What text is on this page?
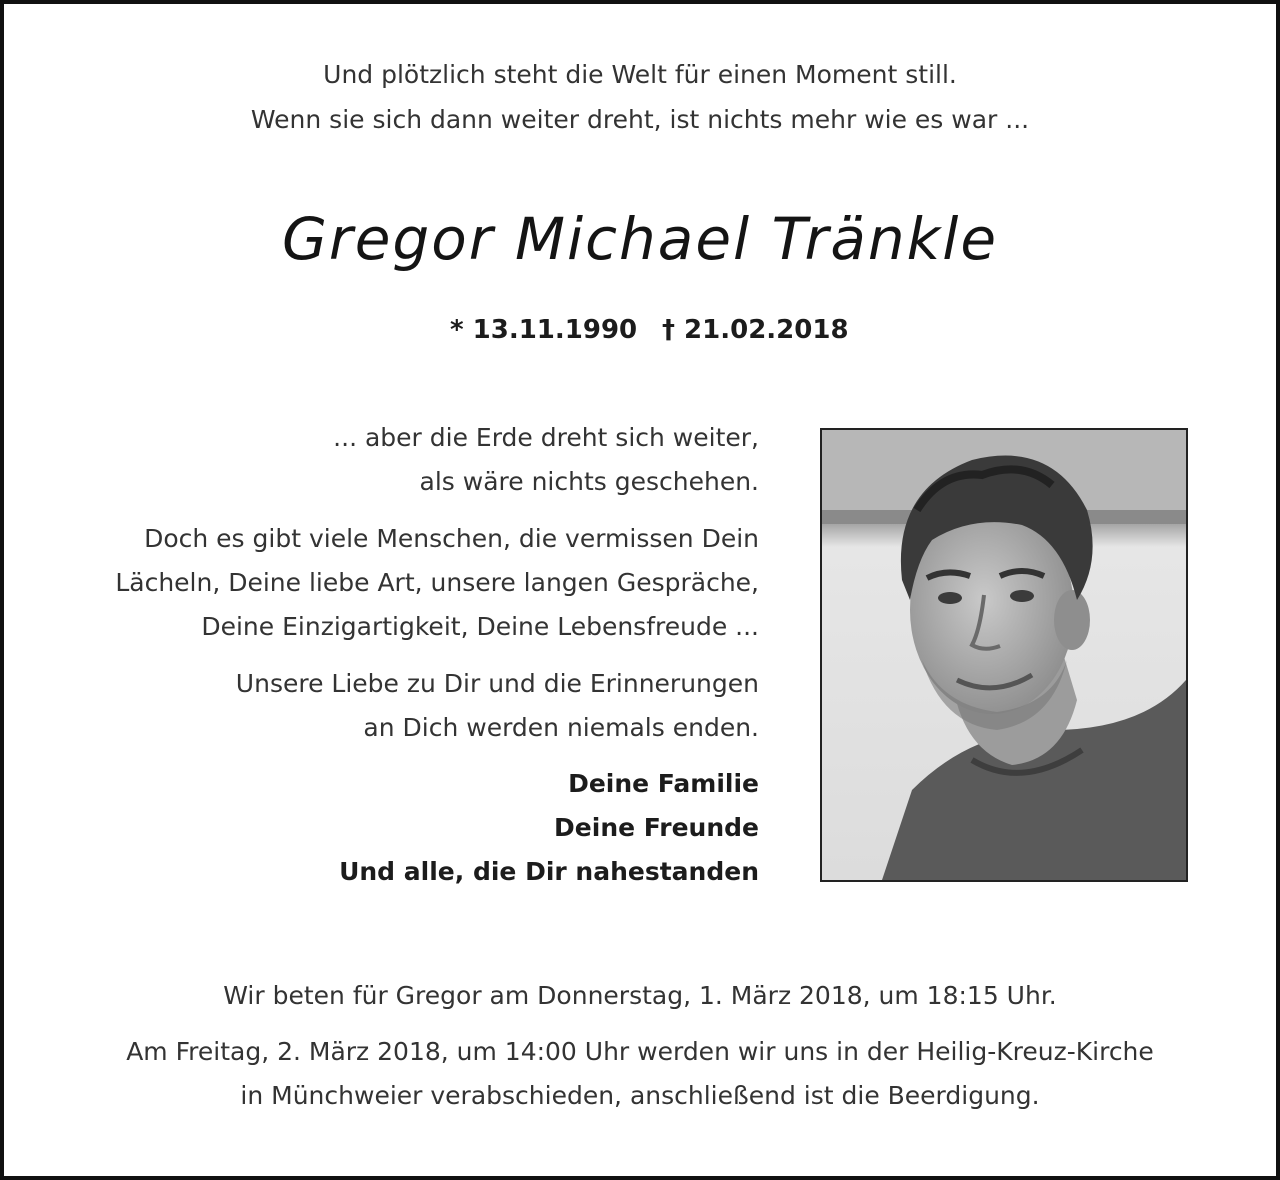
Und plötzlich steht die Welt für einen Moment still.
Wenn sie sich dann weiter dreht, ist nichts mehr wie es war ...
Gregor Michael Tränkle
* 13.11.1990 † 21.02.2018
... aber die Erde dreht sich weiter,
als wäre nichts geschehen.
Doch es gibt viele Menschen, die vermissen Dein
Lächeln, Deine liebe Art, unsere langen Gespräche,
Deine Einzigartigkeit, Deine Lebensfreude ...
Unsere Liebe zu Dir und die Erinnerungen
an Dich werden niemals enden.
Deine Familie
Deine Freunde
Und alle, die Dir nahestanden
Wir beten für Gregor am Donnerstag, 1. März 2018, um 18:15 Uhr.
Am Freitag, 2. März 2018, um 14:00 Uhr werden wir uns in der Heilig-Kreuz-Kirche
in Münchweier verabschieden, anschließend ist die Beerdigung.
